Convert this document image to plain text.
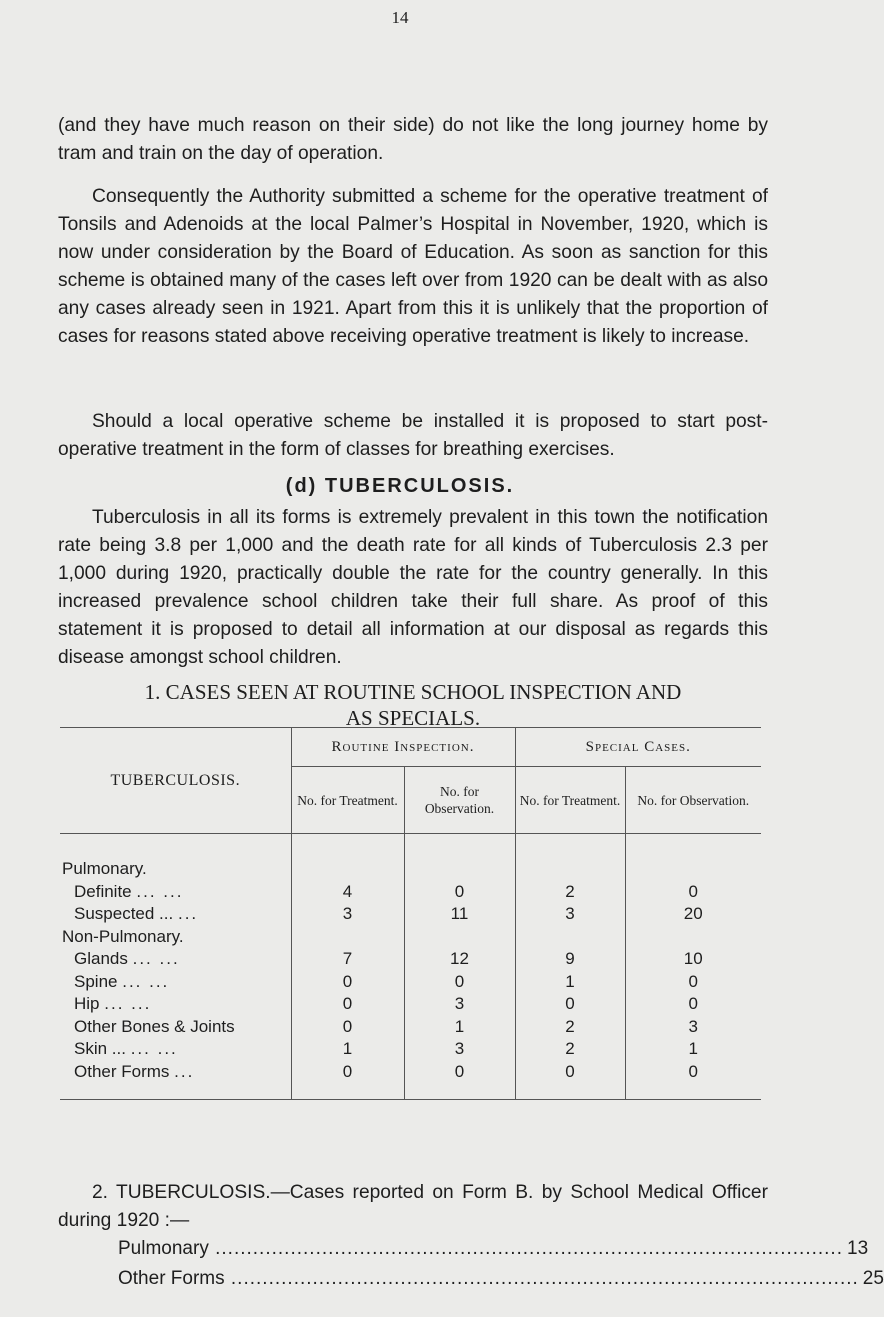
14

(and they have much reason on their side) do not like the long journey home by tram and train on the day of operation.

Consequently the Authority submitted a scheme for the operative treatment of Tonsils and Adenoids at the local Palmer’s Hospital in November, 1920, which is now under consideration by the Board of Education. As soon as sanction for this scheme is obtained many of the cases left over from 1920 can be dealt with as also any cases already seen in 1921. Apart from this it is unlikely that the proportion of cases for reasons stated above receiving operative treatment is likely to increase.

Should a local operative scheme be installed it is proposed to start post-operative treatment in the form of classes for breathing exercises.

(d) TUBERCULOSIS.

Tuberculosis in all its forms is extremely prevalent in this town the notification rate being 3.8 per 1,000 and the death rate for all kinds of Tuberculosis 2.3 per 1,000 during 1920, practically double the rate for the country generally. In this increased prevalence school children take their full share. As proof of this statement it is proposed to detail all information at our disposal as regards this disease amongst school children.

1. CASES SEEN AT ROUTINE SCHOOL INSPECTION AND

AS SPECIALS.

TUBERCULOSIS.	Routine Inspection.		Special Cases.	
	No. for Treatment.	No. for Observation.	No. for Treatment.	No. for Observation.

Pulmonary.				
Definite ... ...	4	0	2	0
Suspected ... ...	3	11	3	20
Non-Pulmonary.				
Glands ... ...	7	12	9	10
Spine ... ...	0	0	1	0
Hip ... ...	0	3	0	0
Other Bones & Joints	0	1	2	3
Skin ... ... ...	1	3	2	1
Other Forms ...	0	0	0	0

2. TUBERCULOSIS.—Cases reported on Form B. by School Medical Officer during 1920 :—

Pulmonary .................................................................................................... 13
Other Forms .................................................................................................... 25
